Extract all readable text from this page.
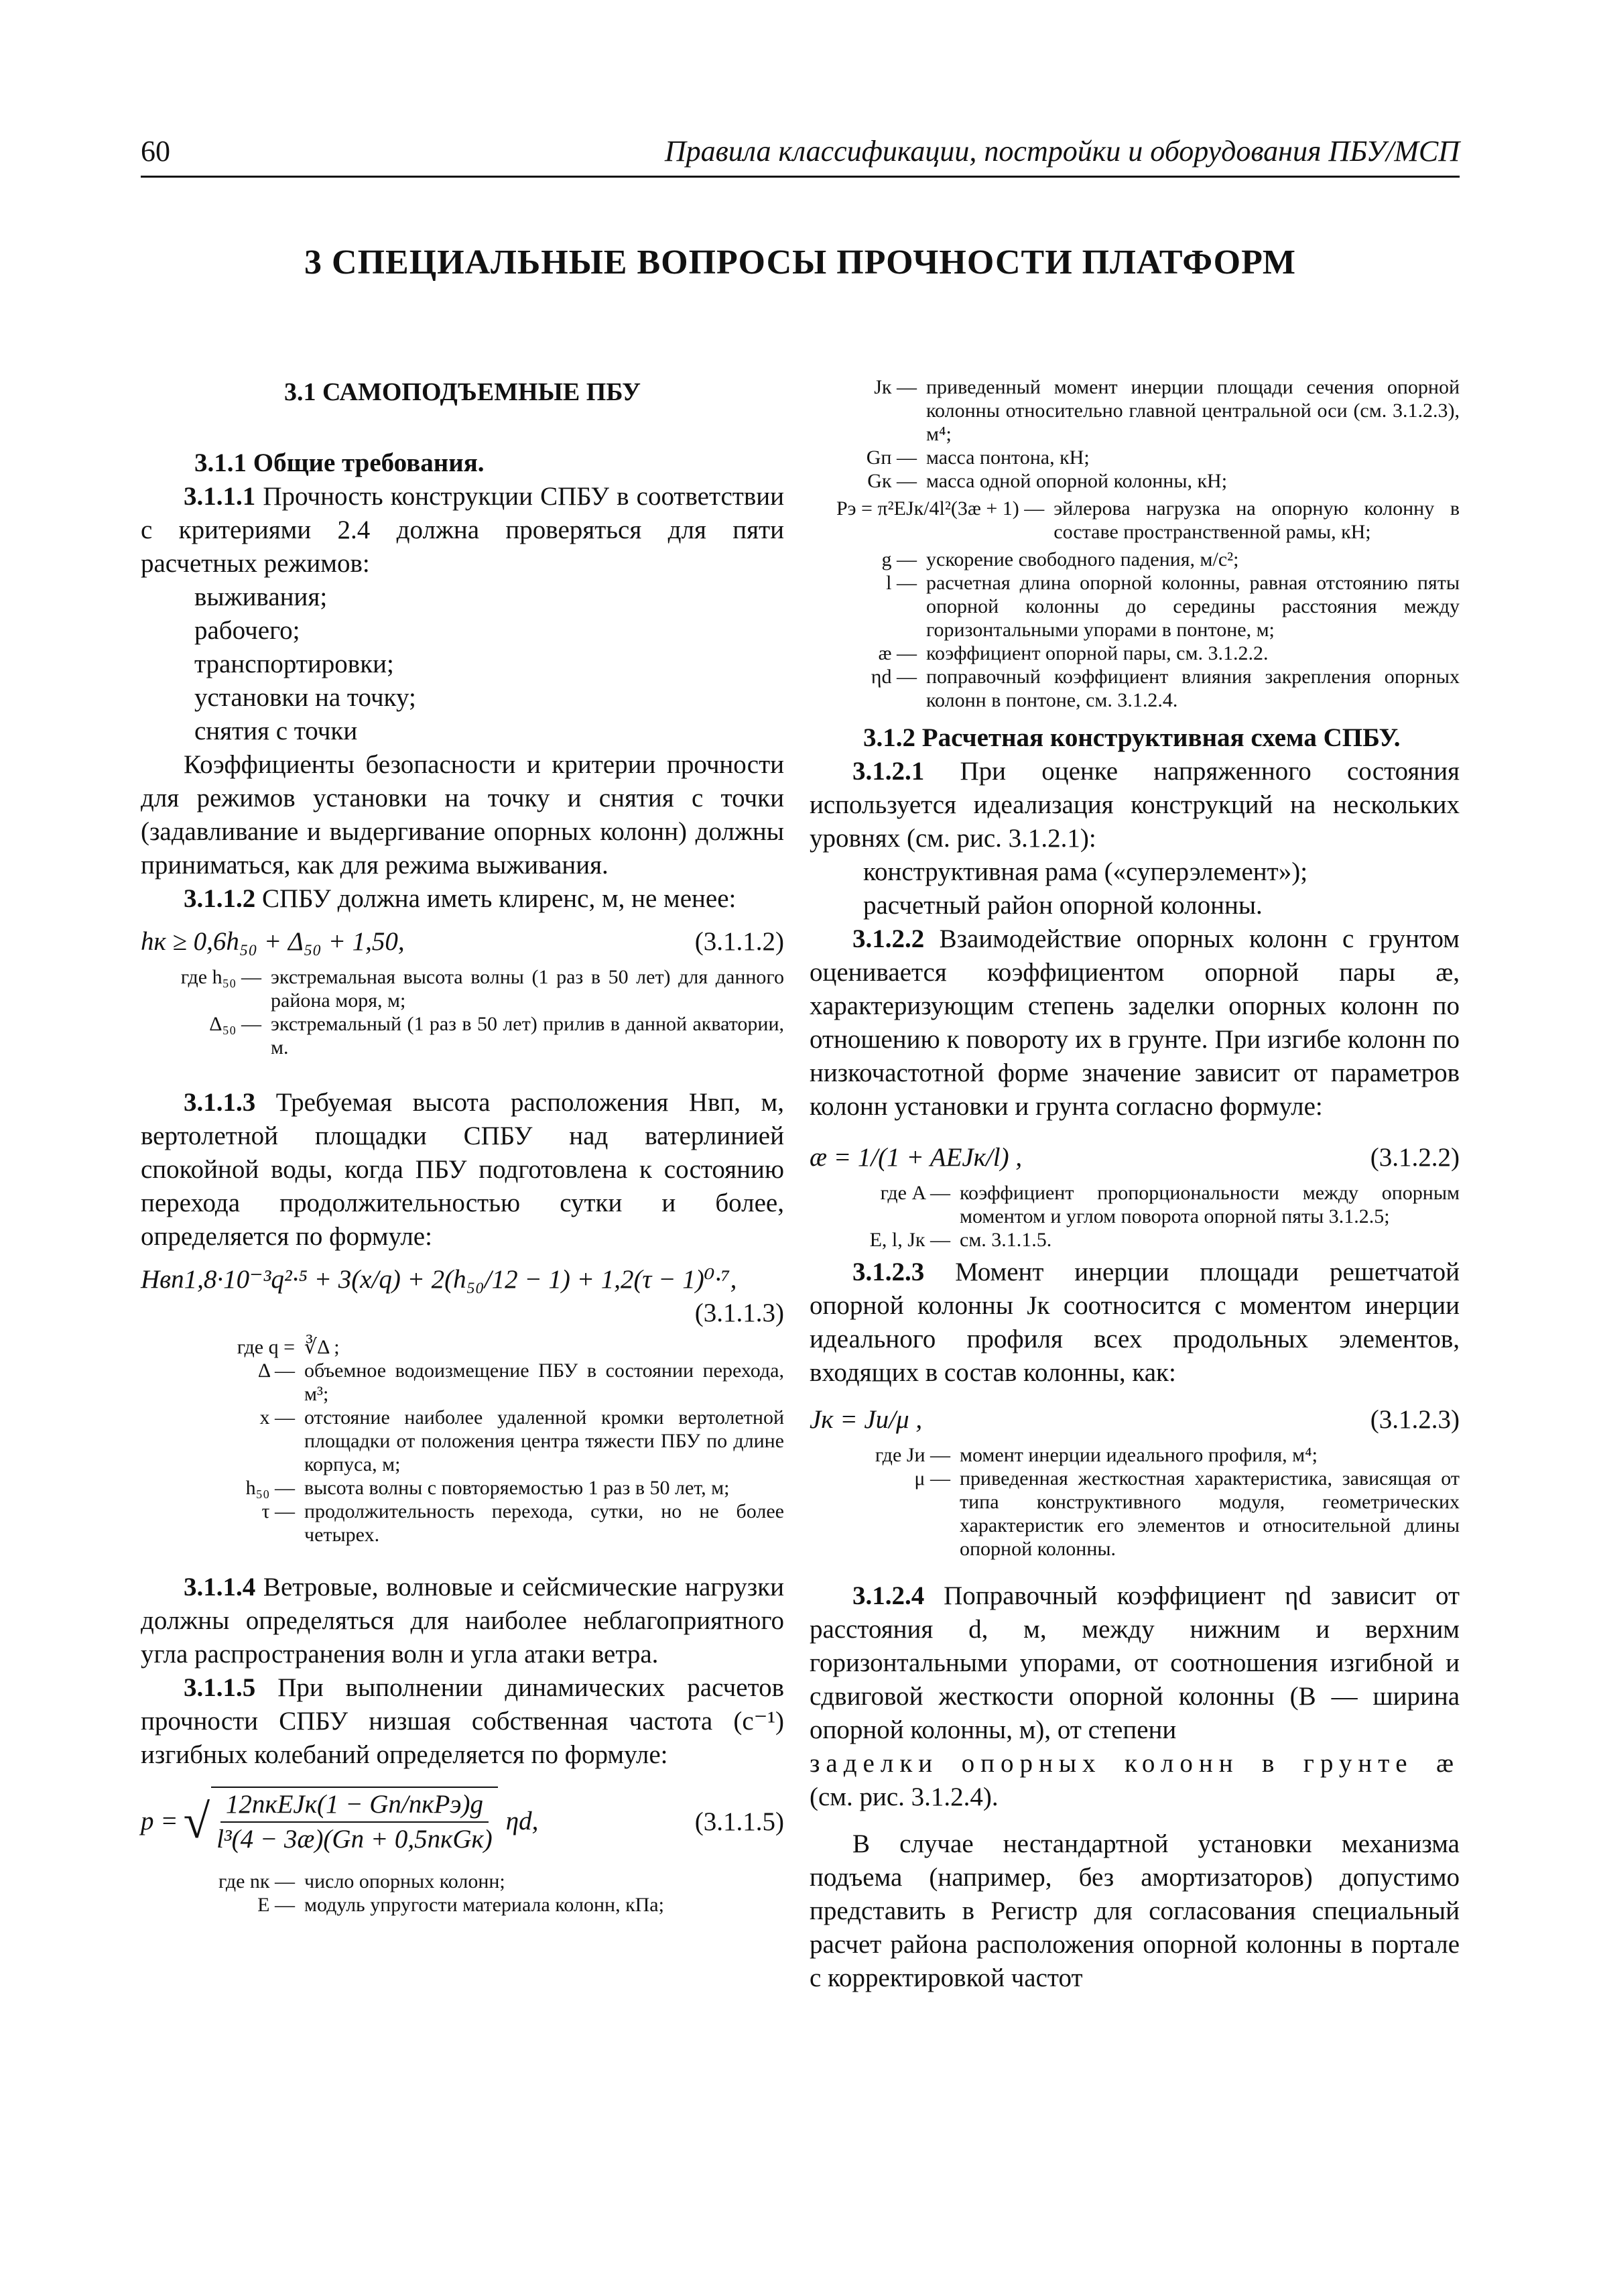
60	Правила классификации, постройки и оборудования ПБУ/МСП
3 СПЕЦИАЛЬНЫЕ ВОПРОСЫ ПРОЧНОСТИ ПЛАТФОРМ

3.1 САМОПОДЪЕМНЫЕ ПБУ

3.1.1 Общие требования.

3.1.1.1 Прочность конструкции СПБУ в соответствии с критериями 2.4 должна проверяться для пяти расчетных режимов:

выживания;

рабочего;

транспортировки;

установки на точку;

снятия с точки

Коэффициенты безопасности и критерии прочности для режимов установки на точку и снятия с точки (задавливание и выдергивание опорных колонн) должны приниматься, как для режима выживания.

3.1.1.2 СПБУ должна иметь клиренс, м, не менее:

hк ≥ 0,6h₅₀ + Δ₅₀ + 1,50,	(3.1.1.2)
где h₅₀ — экстремальная высота волны (1 раз в 50 лет) для данного района моря, м;
Δ₅₀ — экстремальный (1 раз в 50 лет) прилив в данной акватории, м.

3.1.1.3 Требуемая высота расположения Hвп, м, вертолетной площадки СПБУ над ватерлинией спокойной воды, когда ПБУ подготовлена к состоянию перехода продолжительностью сутки и более, определяется по формуле:

Hвп1,8·10⁻³q²·⁵ + 3(x/q) + 2(h₅₀/12 − 1) + 1,2(τ − 1)⁰·⁷,
(3.1.1.3)
где q = ∛Δ ;
Δ — объемное водоизмещение ПБУ в состоянии перехода, м³;
x — отстояние наиболее удаленной кромки вертолетной площадки от положения центра тяжести ПБУ по длине корпуса, м;
h₅₀ — высота волны с повторяемостью 1 раз в 50 лет, м;
τ — продолжительность перехода, сутки, но не более четырех.

3.1.1.4 Ветровые, волновые и сейсмические нагрузки должны определяться для наиболее неблагоприятного угла распространения волн и угла атаки ветра.

3.1.1.5 При выполнении динамических расчетов прочности СПБУ низшая собственная частота (с⁻¹) изгибных колебаний определяется по формуле:

p = √ $\frac{\text{12nкEJк(1 − Gп/nкPэ)g}}{\text{l³(4 − 3æ)(Gп + 0,5nкGк)}} \eta d$,	(3.1.1.5)
где nк — число опорных колонн;
E — модуль упругости материала колонн, кПа;
Jк — приведенный момент инерции площади сечения опорной колонны относительно главной центральной оси (см. 3.1.2.3), м⁴;
Gп — масса понтона, кН;
Gк — масса одной опорной колонны, кН;
Pэ = π²EJк/4l²(3æ + 1) — эйлерова нагрузка на опорную колонну в составе пространственной рамы, кН;
g — ускорение свободного падения, м/с²;
l — расчетная длина опорной колонны, равная отстоянию пяты опорной колонны до середины расстояния между горизонтальными упорами в понтоне, м;
æ — коэффициент опорной пары, см. 3.1.2.2.
ηd — поправочный коэффициент влияния закрепления опорных колонн в понтоне, см. 3.1.2.4.

3.1.2 Расчетная конструктивная схема СПБУ.

3.1.2.1 При оценке напряженного состояния используется идеализация конструкций на нескольких уровнях (см. рис. 3.1.2.1):

конструктивная рама («суперэлемент»);

расчетный район опорной колонны.

3.1.2.2 Взаимодействие опорных колонн с грунтом оценивается коэффициентом опорной пары æ, характеризующим степень заделки опорных колонн по отношению к повороту их в грунте. При изгибе колонн по низкочастотной форме значение зависит от параметров колонн установки и грунта согласно формуле:

æ = 1/(1 + AEJк/l) ,	(3.1.2.2)
где A — коэффициент пропорциональности между опорным моментом и углом поворота опорной пяты 3.1.2.5;
E, l, Jк — см. 3.1.1.5.

3.1.2.3 Момент инерции площади решетчатой опорной колонны Jк соотносится с моментом инерции идеального профиля всех продольных элементов, входящих в состав колонны, как:

Jк = Jи/μ ,	(3.1.2.3)
где Jи — момент инерции идеального профиля, м⁴;
μ — приведенная жесткостная характеристика, зависящая от типа конструктивного модуля, геометрических характеристик его элементов и относительной длины опорной колонны.

3.1.2.4 Поправочный коэффициент ηd зависит от расстояния d, м, между нижним и верхним горизонтальными упорами, от соотношения изгибной и сдвиговой жесткости опорной колонны (B — ширина опорной колонны, м), от степени

заделки опорных колонн в грунте æ

(см. рис. 3.1.2.4).

В случае нестандартной установки механизма подъема (например, без амортизаторов) допустимо представить в Регистр для согласования специальный расчет района расположения опорной колонны в портале с корректировкой частот
